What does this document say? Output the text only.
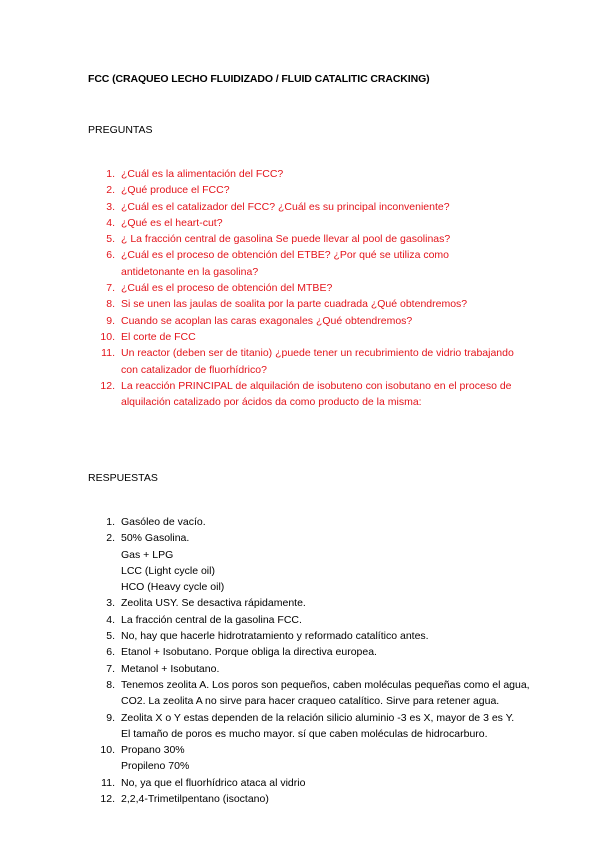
FCC (CRAQUEO LECHO FLUIDIZADO / FLUID CATALITIC CRACKING)
PREGUNTAS
1. ¿Cuál es la alimentación del FCC?
2. ¿Qué produce el FCC?
3. ¿Cuál es el catalizador del FCC? ¿Cuál es su principal inconveniente?
4. ¿Qué es el heart-cut?
5. ¿ La fracción central de gasolina Se puede llevar al pool de gasolinas?
6. ¿Cuál es el proceso de obtención del ETBE? ¿Por qué se utiliza como
antidetonante en la gasolina?
7. ¿Cuál es el proceso de obtención del MTBE?
8. Si se unen las jaulas de soalita por la parte cuadrada ¿Qué obtendremos?
9. Cuando se acoplan las caras exagonales ¿Qué obtendremos?
10. El corte de FCC
11. Un reactor (deben ser de titanio) ¿puede tener un recubrimiento de vidrio trabajando
con catalizador de fluorhídrico?
12. La reacción PRINCIPAL de alquilación de isobuteno con isobutano en el proceso de
alquilación catalizado por ácidos da como producto de la misma:
RESPUESTAS
1. Gasóleo de vacío.
2. 50% Gasolina.
Gas + LPG
LCC (Light cycle oil)
HCO (Heavy cycle oil)
3. Zeolita USY. Se desactiva rápidamente.
4. La fracción central de la gasolina FCC.
5. No, hay que hacerle hidrotratamiento y reformado catalítico antes.
6. Etanol + Isobutano. Porque obliga la directiva europea.
7. Metanol + Isobutano.
8. Tenemos zeolita A. Los poros son pequeños, caben moléculas pequeñas como el agua,
CO2. La zeolita A no sirve para hacer craqueo catalítico. Sirve para retener agua.
9. Zeolita X o Y estas dependen de la relación silicio aluminio -3 es X, mayor de 3 es Y.
El tamaño de poros es mucho mayor. sí que caben moléculas de hidrocarburo.
10. Propano 30%
Propileno 70%
11. No, ya que el fluorhídrico ataca al vidrio
12. 2,2,4-Trimetilpentano (isoctano)
